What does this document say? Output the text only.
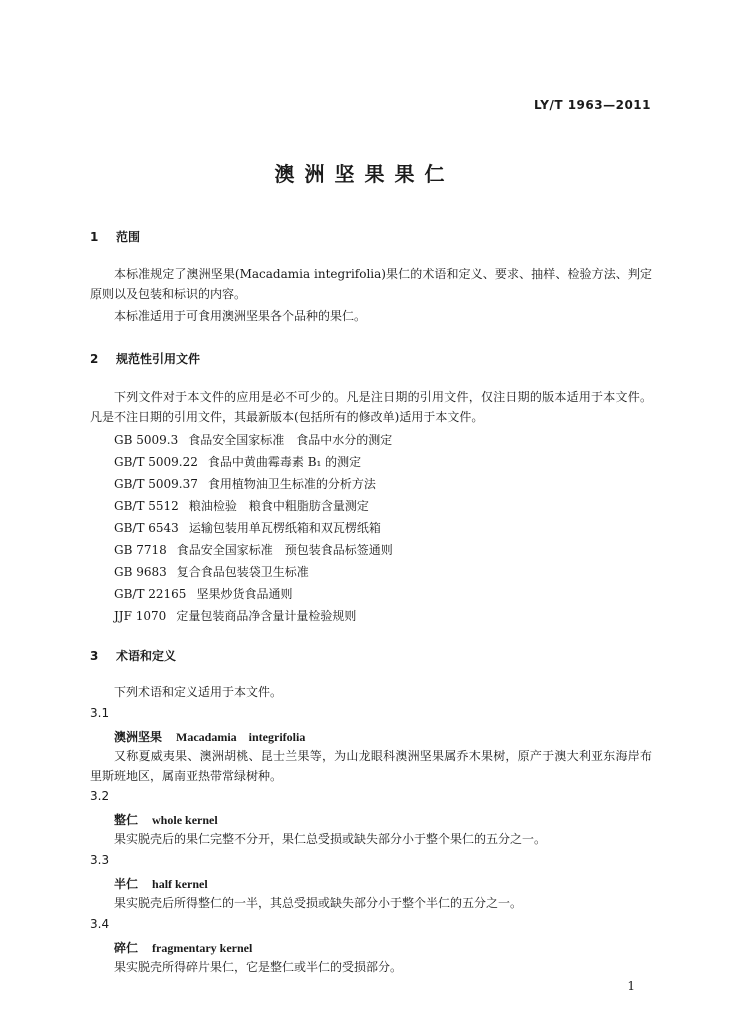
LY/T 1963—2011
澳洲坚果果仁
1 范围
本标准规定了澳洲坚果(Macadamia integrifolia)果仁的术语和定义、要求、抽样、检验方法、判定原则以及包装和标识的内容。
本标准适用于可食用澳洲坚果各个品种的果仁。
2 规范性引用文件
下列文件对于本文件的应用是必不可少的。凡是注日期的引用文件，仅注日期的版本适用于本文件。凡是不注日期的引用文件，其最新版本(包括所有的修改单)适用于本文件。
GB 5009.3 食品安全国家标准　食品中水分的测定
GB/T 5009.22 食品中黄曲霉毒素 B₁ 的测定
GB/T 5009.37 食用植物油卫生标准的分析方法
GB/T 5512 粮油检验　粮食中粗脂肪含量测定
GB/T 6543 运输包装用单瓦楞纸箱和双瓦楞纸箱
GB 7718 食品安全国家标准　预包装食品标签通则
GB 9683 复合食品包装袋卫生标准
GB/T 22165 坚果炒货食品通则
JJF 1070 定量包装商品净含量计量检验规则
3 术语和定义
下列术语和定义适用于本文件。
3.1
澳洲坚果 Macadamia　integrifolia
又称夏威夷果、澳洲胡桃、昆士兰果等，为山龙眼科澳洲坚果属乔木果树，原产于澳大利亚东海岸布里斯班地区，属南亚热带常绿树种。
3.2
整仁 whole kernel
果实脱壳后的果仁完整不分开，果仁总受损或缺失部分小于整个果仁的五分之一。
3.3
半仁 half kernel
果实脱壳后所得整仁的一半，其总受损或缺失部分小于整个半仁的五分之一。
3.4
碎仁 fragmentary kernel
果实脱壳所得碎片果仁，它是整仁或半仁的受损部分。
1
